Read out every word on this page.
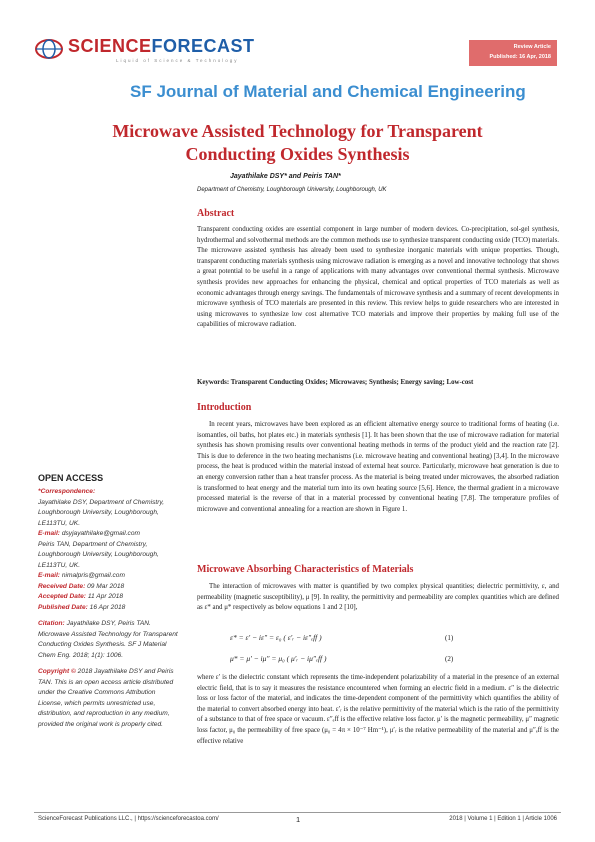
SCIENCEFORECAST
Liquid of Science & Technology
Review Article
Published: 16 Apr, 2018
SF Journal of Material and Chemical Engineering
Microwave Assisted Technology for Transparent
Conducting Oxides Synthesis
Jayathilake DSY* and Peiris TAN*
Department of Chemistry, Loughborough University, Loughborough, UK
Abstract
Transparent conducting oxides are essential component in large number of modern devices. Co-precipitation, sol-gel synthesis, hydrothermal and solvothermal methods are the common methods use to synthesize transparent conducting oxide (TCO) materials. The microwave assisted synthesis has already been used to synthesize inorganic materials with unique properties. Though, transparent conducting materials synthesis using microwave radiation is emerging as a novel and innovative technology that shows a great potential to be useful in a range of applications with many advantages over conventional thermal synthesis. Microwave synthesis provides new approaches for enhancing the physical, chemical and optical properties of TCO materials as well as economic advantages through energy savings. The fundamentals of microwave synthesis and a summary of recent developments in microwave synthesis of TCO materials are presented in this review. This review helps to guide researchers who are interested in using microwaves to synthesize low cost alternative TCO materials and improve their properties by making full use of the capabilities of microwave radiation.
Keywords: Transparent Conducting Oxides; Microwaves; Synthesis; Energy saving; Low-cost
Introduction
In recent years, microwaves have been explored as an efficient alternative energy source to traditional forms of heating (i.e. isomantles, oil baths, hot plates etc.) in materials synthesis [1]. It has been shown that the use of microwave radiation for material synthesis has shown promising results over conventional heating methods in terms of the product yield and the reaction rate [2]. This is due to deference in the two heating mechanisms (i.e. microwave heating and conventional heating) [3,4]. In the microwave process, the heat is produced within the material instead of external heat source. Particularly, microwave heat generation is due to an energy conversion rather than a heat transfer process. As the material is being treated under microwaves, the absorbed radiation is transformed to heat energy and the material turn into its own heating source [5,6]. Hence, the thermal gradient in a microwave processed material is the reverse of that in a material processed by conventional heating [7,8]. The temperature profiles of microwave and conventional annealing for a reaction are shown in Figure 1.
Microwave Absorbing Characteristics of Materials
The interaction of microwaves with matter is quantified by two complex physical quantities; dielectric permittivity, ε, and permeability (magnetic susceptibility), μ [9]. In reality, the permittivity and permeability are complex quantities which are defined as ε* and μ* respectively as below equations 1 and 2 [10],
ε* = ε′ − iε″ = ε₀ ( ε′ᵣ − iε″ₑff )	(1)
μ* = μ′ − iμ″ = μ₀ ( μ′ᵣ − iμ″ₑff )	(2)
where ε′ is the dielectric constant which represents the time-independent polarizability of a material in the presence of an external electric field, that is to say it measures the resistance encountered when forming an electric field in a medium. ε″ is the dielectric loss or loss factor of the material, and indicates the time-dependent component of the permittivity which quantifies the ability of the material to convert absorbed energy into heat. ε′ᵣ is the relative permittivity of the material which is the ratio of the permittivity of a substance to that of free space or vacuum. ε″ₑff is the effective relative loss factor. μ′ is the magnetic permeability, μ″ magnetic loss factor, μ₀ the permeability of free space (μ₀ = 4π × 10⁻⁷ Hm⁻¹), μ′ᵣ is the relative permeability of the material and μ″ₑff is the effective relative
OPEN ACCESS

*Correspondence:

Jayathilake DSY, Department of Chemistry, Loughborough University, Loughborough, LE113TU, UK.

E-mail: dsyjayathilake@gmail.com

Peiris TAN, Department of Chemistry, Loughborough University, Loughborough, LE113TU, UK.

E-mail: nimalpris@gmail.com

Received Date: 09 Mar 2018

Accepted Date: 11 Apr 2018

Published Date: 16 Apr 2018

Citation: Jayathilake DSY, Peiris TAN. Microwave Assisted Technology for Transparent Conducting Oxides Synthesis. SF J Material Chem Eng. 2018; 1(1): 1006.

Copyright © 2018 Jayathilake DSY and Peiris TAN. This is an open access article distributed under the Creative Commons Attribution License, which permits unrestricted use, distribution, and reproduction in any medium, provided the original work is properly cited.

ScienceForecast Publications LLC., | https://scienceforecastoa.com/	1	2018 | Volume 1 | Edition 1 | Article 1006
